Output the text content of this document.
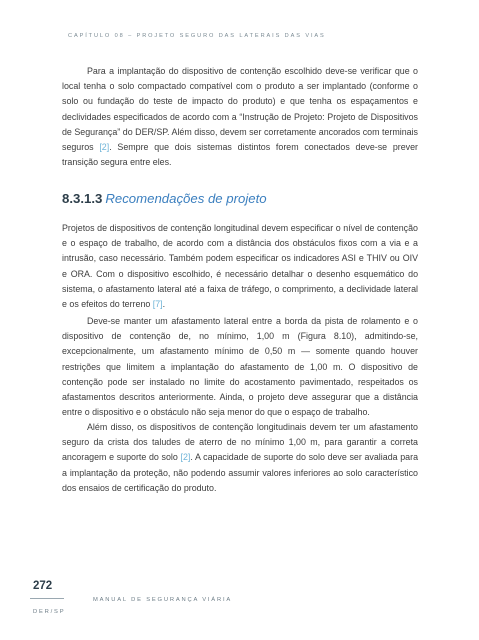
CAPÍTULO 08 – PROJETO SEGURO DAS LATERAIS DAS VIAS

Para a implantação do dispositivo de contenção escolhido deve-se verificar que o local tenha o solo compactado compatível com o produto a ser implantado (conforme o solo ou fundação do teste de impacto do produto) e que tenha os espaçamentos e declividades especificados de acordo com a “Instrução de Projeto: Projeto de Dispositivos de Segurança” do DER/SP. Além disso, devem ser corretamente ancorados com terminais seguros [2]. Sempre que dois sistemas distintos forem conectados deve-se prever transição segura entre eles.

8.3.1.3 Recomendações de projeto

Projetos de dispositivos de contenção longitudinal devem especificar o nível de contenção e o espaço de trabalho, de acordo com a distância dos obstáculos fixos com a via e a intrusão, caso necessário. Também podem especificar os indicadores ASI e THIV ou OIV e ORA. Com o dispositivo escolhido, é necessário detalhar o desenho esquemático do sistema, o afastamento lateral até a faixa de tráfego, o comprimento, a declividade lateral e os efeitos do terreno [7].

Deve-se manter um afastamento lateral entre a borda da pista de rolamento e o dispositivo de contenção de, no mínimo, 1,00 m (Figura 8.10), admitindo-se, excepcionalmente, um afastamento mínimo de 0,50 m — somente quando houver restrições que limitem a implantação do afastamento de 1,00 m. O dispositivo de contenção pode ser instalado no limite do acostamento pavimentado, respeitados os afastamentos descritos anteriormente. Ainda, o projeto deve assegurar que a distância entre o dispositivo e o obstáculo não seja menor do que o espaço de trabalho.

Além disso, os dispositivos de contenção longitudinais devem ter um afastamento seguro da crista dos taludes de aterro de no mínimo 1,00 m, para garantir a correta ancoragem e suporte do solo [2]. A capacidade de suporte do solo deve ser avaliada para a implantação da proteção, não podendo assumir valores inferiores ao solo característico dos ensaios de certificação do produto.

272
MANUAL DE SEGURANÇA VIÁRIA
DER/SP
